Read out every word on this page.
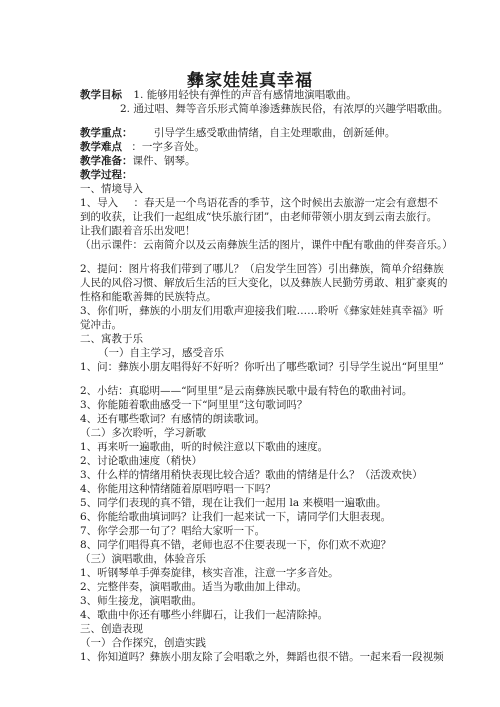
彝家娃娃真幸福
教学目标 1. 能够用轻快有弹性的声音有感情地演唱歌曲。
2. 通过唱、舞等音乐形式简单渗透彝族民俗，有浓厚的兴趣学唱歌曲。
教学重点： 引导学生感受歌曲情绪，自主处理歌曲，创新延伸。
教学难点 ：一字多音处。
教学准备：课件、钢琴。
教学过程：
一、情境导入
1、导入 ：春天是一个鸟语花香的季节，这个时候出去旅游一定会有意想不
到的收获，让我们一起组成“快乐旅行团”，由老师带领小朋友到云南去旅行。
让我们跟着音乐出发吧！
（出示课件：云南简介以及云南彝族生活的图片，课件中配有歌曲的伴奏音乐。）
2、提问：图片将我们带到了哪儿？（启发学生回答）引出彝族，简单介绍彝族
人民的风俗习惯、解放后生活的巨大变化，以及彝族人民勤劳勇敢、粗犷豪爽的
性格和能歌善舞的民族特点。
3、你们听，彝族的小朋友们用歌声迎接我们啦……聆听《彝家娃娃真幸福》听
觉冲击。
二、寓教于乐
（一）自主学习，感受音乐
1、问：彝族小朋友唱得好不好听？你听出了哪些歌词？引导学生说出“阿里里”
2、小结：真聪明——“阿里里”是云南彝族民歌中最有特色的歌曲衬词。
3、你能随着歌曲感受一下“阿里里”这句歌词吗？
4、还有哪些歌词？有感情的朗读歌词。
（二）多次聆听，学习新歌
1、再来听一遍歌曲，听的时候注意以下歌曲的速度。
2、讨论歌曲速度（稍快）
3、什么样的情绪用稍快表现比较合适？歌曲的情绪是什么？（活泼欢快）
4、你能用这种情绪随着原唱哼唱一下吗？
5、同学们表现的真不错，现在让我们一起用 la 来模唱一遍歌曲。
6、你能给歌曲填词吗？让我们一起来试一下，请同学们大胆表现。
7、你学会那一句了？唱给大家听一下。
8、同学们唱得真不错，老师也忍不住要表现一下，你们欢不欢迎？
（三）演唱歌曲，体验音乐
1、听钢琴单手弹奏旋律，核实音准，注意一字多音处。
2、完整伴奏，演唱歌曲。适当为歌曲加上律动。
3、师生接龙，演唱歌曲。
4、歌曲中你还有哪些小绊脚石，让我们一起清除掉。
三、创造表现
（一）合作探究，创造实践
1、你知道吗？彝族小朋友除了会唱歌之外，舞蹈也很不错。一起来看一段视频
